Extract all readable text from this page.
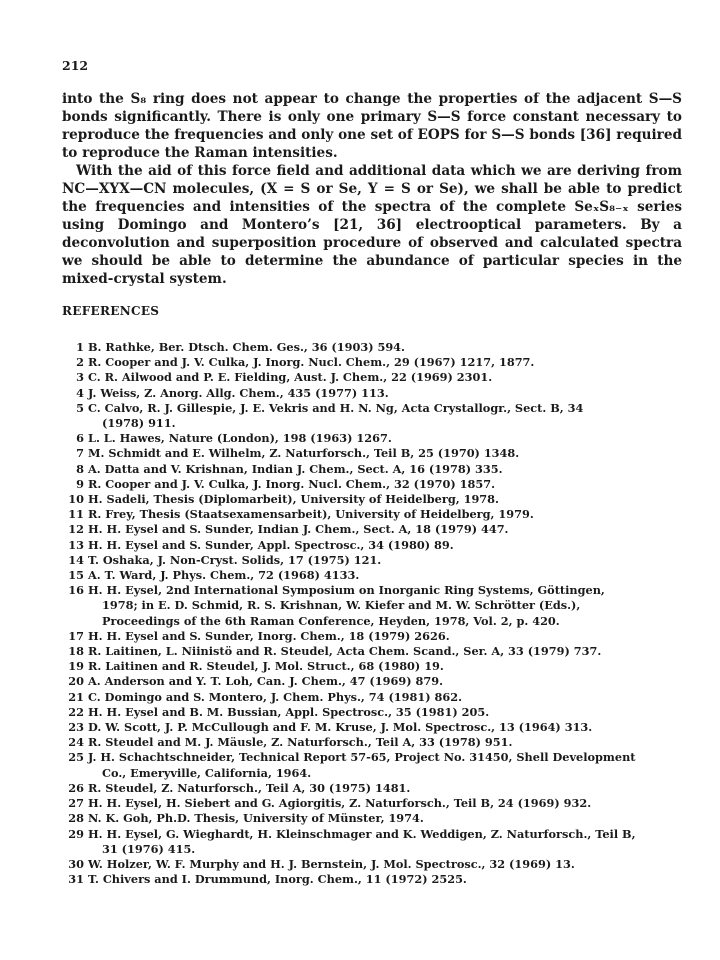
212

into the S₈ ring does not appear to change the properties of the adjacent S—S bonds significantly. There is only one primary S—S force constant necessary to reproduce the frequencies and only one set of EOPS for S—S bonds [36] required to reproduce the Raman intensities.

With the aid of this force field and additional data which we are deriving from NC—XYX—CN molecules, (X = S or Se, Y = S or Se), we shall be able to predict the frequencies and intensities of the spectra of the complete SeₓS₈₋ₓ series using Domingo and Montero’s [21, 36] electrooptical parameters. By a deconvolution and superposition procedure of observed and calculated spectra we should be able to determine the abundance of particular species in the mixed-crystal system.

REFERENCES
1 B. Rathke, Ber. Dtsch. Chem. Ges., 36 (1903) 594.
2 R. Cooper and J. V. Culka, J. Inorg. Nucl. Chem., 29 (1967) 1217, 1877.
3 C. R. Ailwood and P. E. Fielding, Aust. J. Chem., 22 (1969) 2301.
4 J. Weiss, Z. Anorg. Allg. Chem., 435 (1977) 113.
5 C. Calvo, R. J. Gillespie, J. E. Vekris and H. N. Ng, Acta Crystallogr., Sect. B, 34
(1978) 911.
6 L. L. Hawes, Nature (London), 198 (1963) 1267.
7 M. Schmidt and E. Wilhelm, Z. Naturforsch., Teil B, 25 (1970) 1348.
8 A. Datta and V. Krishnan, Indian J. Chem., Sect. A, 16 (1978) 335.
9 R. Cooper and J. V. Culka, J. Inorg. Nucl. Chem., 32 (1970) 1857.
10 H. Sadeli, Thesis (Diplomarbeit), University of Heidelberg, 1978.
11 R. Frey, Thesis (Staatsexamensarbeit), University of Heidelberg, 1979.
12 H. H. Eysel and S. Sunder, Indian J. Chem., Sect. A, 18 (1979) 447.
13 H. H. Eysel and S. Sunder, Appl. Spectrosc., 34 (1980) 89.
14 T. Oshaka, J. Non-Cryst. Solids, 17 (1975) 121.
15 A. T. Ward, J. Phys. Chem., 72 (1968) 4133.
16 H. H. Eysel, 2nd International Symposium on Inorganic Ring Systems, Göttingen,
1978; in E. D. Schmid, R. S. Krishnan, W. Kiefer and M. W. Schrötter (Eds.),
Proceedings of the 6th Raman Conference, Heyden, 1978, Vol. 2, p. 420.
17 H. H. Eysel and S. Sunder, Inorg. Chem., 18 (1979) 2626.
18 R. Laitinen, L. Niinistö and R. Steudel, Acta Chem. Scand., Ser. A, 33 (1979) 737.
19 R. Laitinen and R. Steudel, J. Mol. Struct., 68 (1980) 19.
20 A. Anderson and Y. T. Loh, Can. J. Chem., 47 (1969) 879.
21 C. Domingo and S. Montero, J. Chem. Phys., 74 (1981) 862.
22 H. H. Eysel and B. M. Bussian, Appl. Spectrosc., 35 (1981) 205.
23 D. W. Scott, J. P. McCullough and F. M. Kruse, J. Mol. Spectrosc., 13 (1964) 313.
24 R. Steudel and M. J. Mäusle, Z. Naturforsch., Teil A, 33 (1978) 951.
25 J. H. Schachtschneider, Technical Report 57-65, Project No. 31450, Shell Development
Co., Emeryville, California, 1964.
26 R. Steudel, Z. Naturforsch., Teil A, 30 (1975) 1481.
27 H. H. Eysel, H. Siebert and G. Agiorgitis, Z. Naturforsch., Teil B, 24 (1969) 932.
28 N. K. Goh, Ph.D. Thesis, University of Münster, 1974.
29 H. H. Eysel, G. Wieghardt, H. Kleinschmager and K. Weddigen, Z. Naturforsch., Teil B,
31 (1976) 415.
30 W. Holzer, W. F. Murphy and H. J. Bernstein, J. Mol. Spectrosc., 32 (1969) 13.
31 T. Chivers and I. Drummund, Inorg. Chem., 11 (1972) 2525.
